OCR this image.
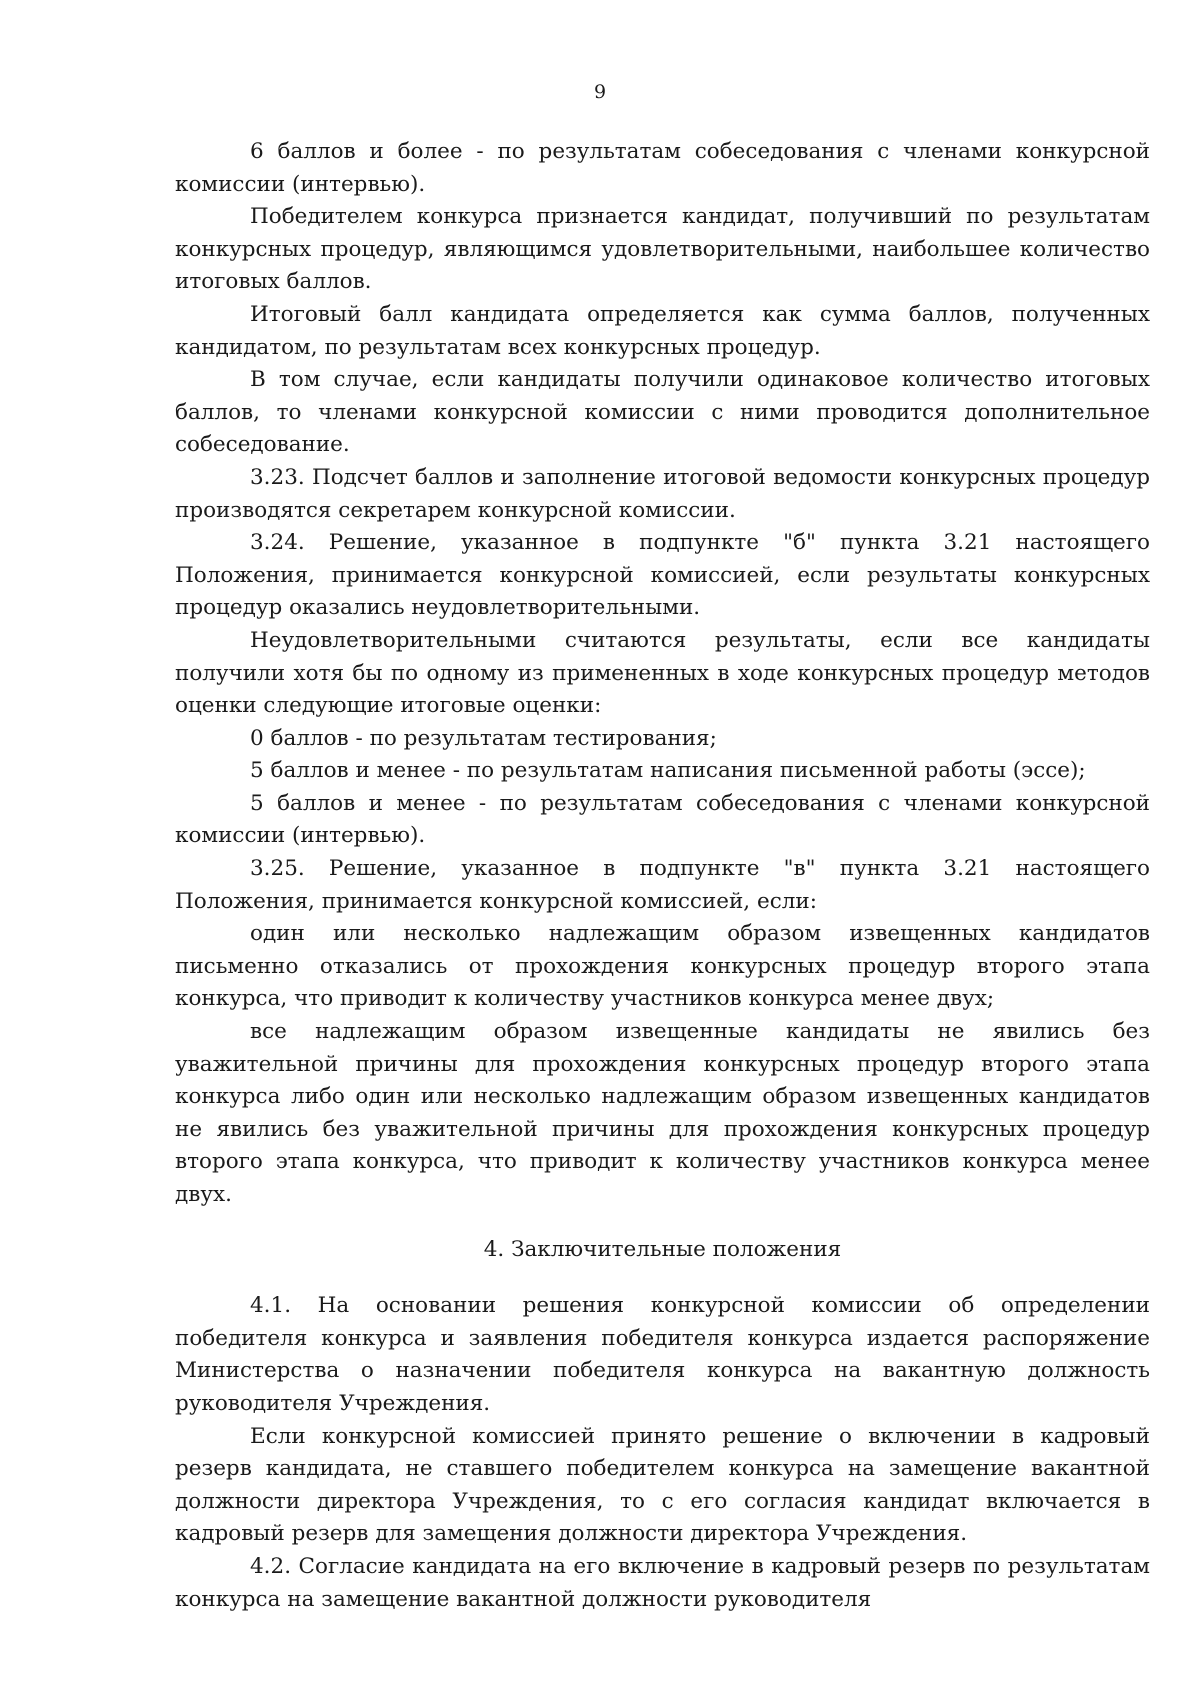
9

6 баллов и более - по результатам собеседования с членами конкурсной комиссии (интервью).

Победителем конкурса признается кандидат, получивший по результатам конкурсных процедур, являющимся удовлетворительными, наибольшее количество итоговых баллов.

Итоговый балл кандидата определяется как сумма баллов, полученных кандидатом, по результатам всех конкурсных процедур.

В том случае, если кандидаты получили одинаковое количество итоговых баллов, то членами конкурсной комиссии с ними проводится дополнительное собеседование.

3.23. Подсчет баллов и заполнение итоговой ведомости конкурсных процедур производятся секретарем конкурсной комиссии.

3.24. Решение, указанное в подпункте "б" пункта 3.21 настоящего Положения, принимается конкурсной комиссией, если результаты конкурсных процедур оказались неудовлетворительными.

Неудовлетворительными считаются результаты, если все кандидаты получили хотя бы по одному из примененных в ходе конкурсных процедур методов оценки следующие итоговые оценки:

0 баллов - по результатам тестирования;

5 баллов и менее - по результатам написания письменной работы (эссе);

5 баллов и менее - по результатам собеседования с членами конкурсной комиссии (интервью).

3.25. Решение, указанное в подпункте "в" пункта 3.21 настоящего Положения, принимается конкурсной комиссией, если:

один или несколько надлежащим образом извещенных кандидатов письменно отказались от прохождения конкурсных процедур второго этапа конкурса, что приводит к количеству участников конкурса менее двух;

все надлежащим образом извещенные кандидаты не явились без уважительной причины для прохождения конкурсных процедур второго этапа конкурса либо один или несколько надлежащим образом извещенных кандидатов не явились без уважительной причины для прохождения конкурсных процедур второго этапа конкурса, что приводит к количеству участников конкурса менее двух.

4. Заключительные положения

4.1. На основании решения конкурсной комиссии об определении победителя конкурса и заявления победителя конкурса издается распоряжение Министерства о назначении победителя конкурса на вакантную должность руководителя Учреждения.

Если конкурсной комиссией принято решение о включении в кадровый резерв кандидата, не ставшего победителем конкурса на замещение вакантной должности директора Учреждения, то с его согласия кандидат включается в кадровый резерв для замещения должности директора Учреждения.

4.2. Согласие кандидата на его включение в кадровый резерв по результатам конкурса на замещение вакантной должности руководителя
